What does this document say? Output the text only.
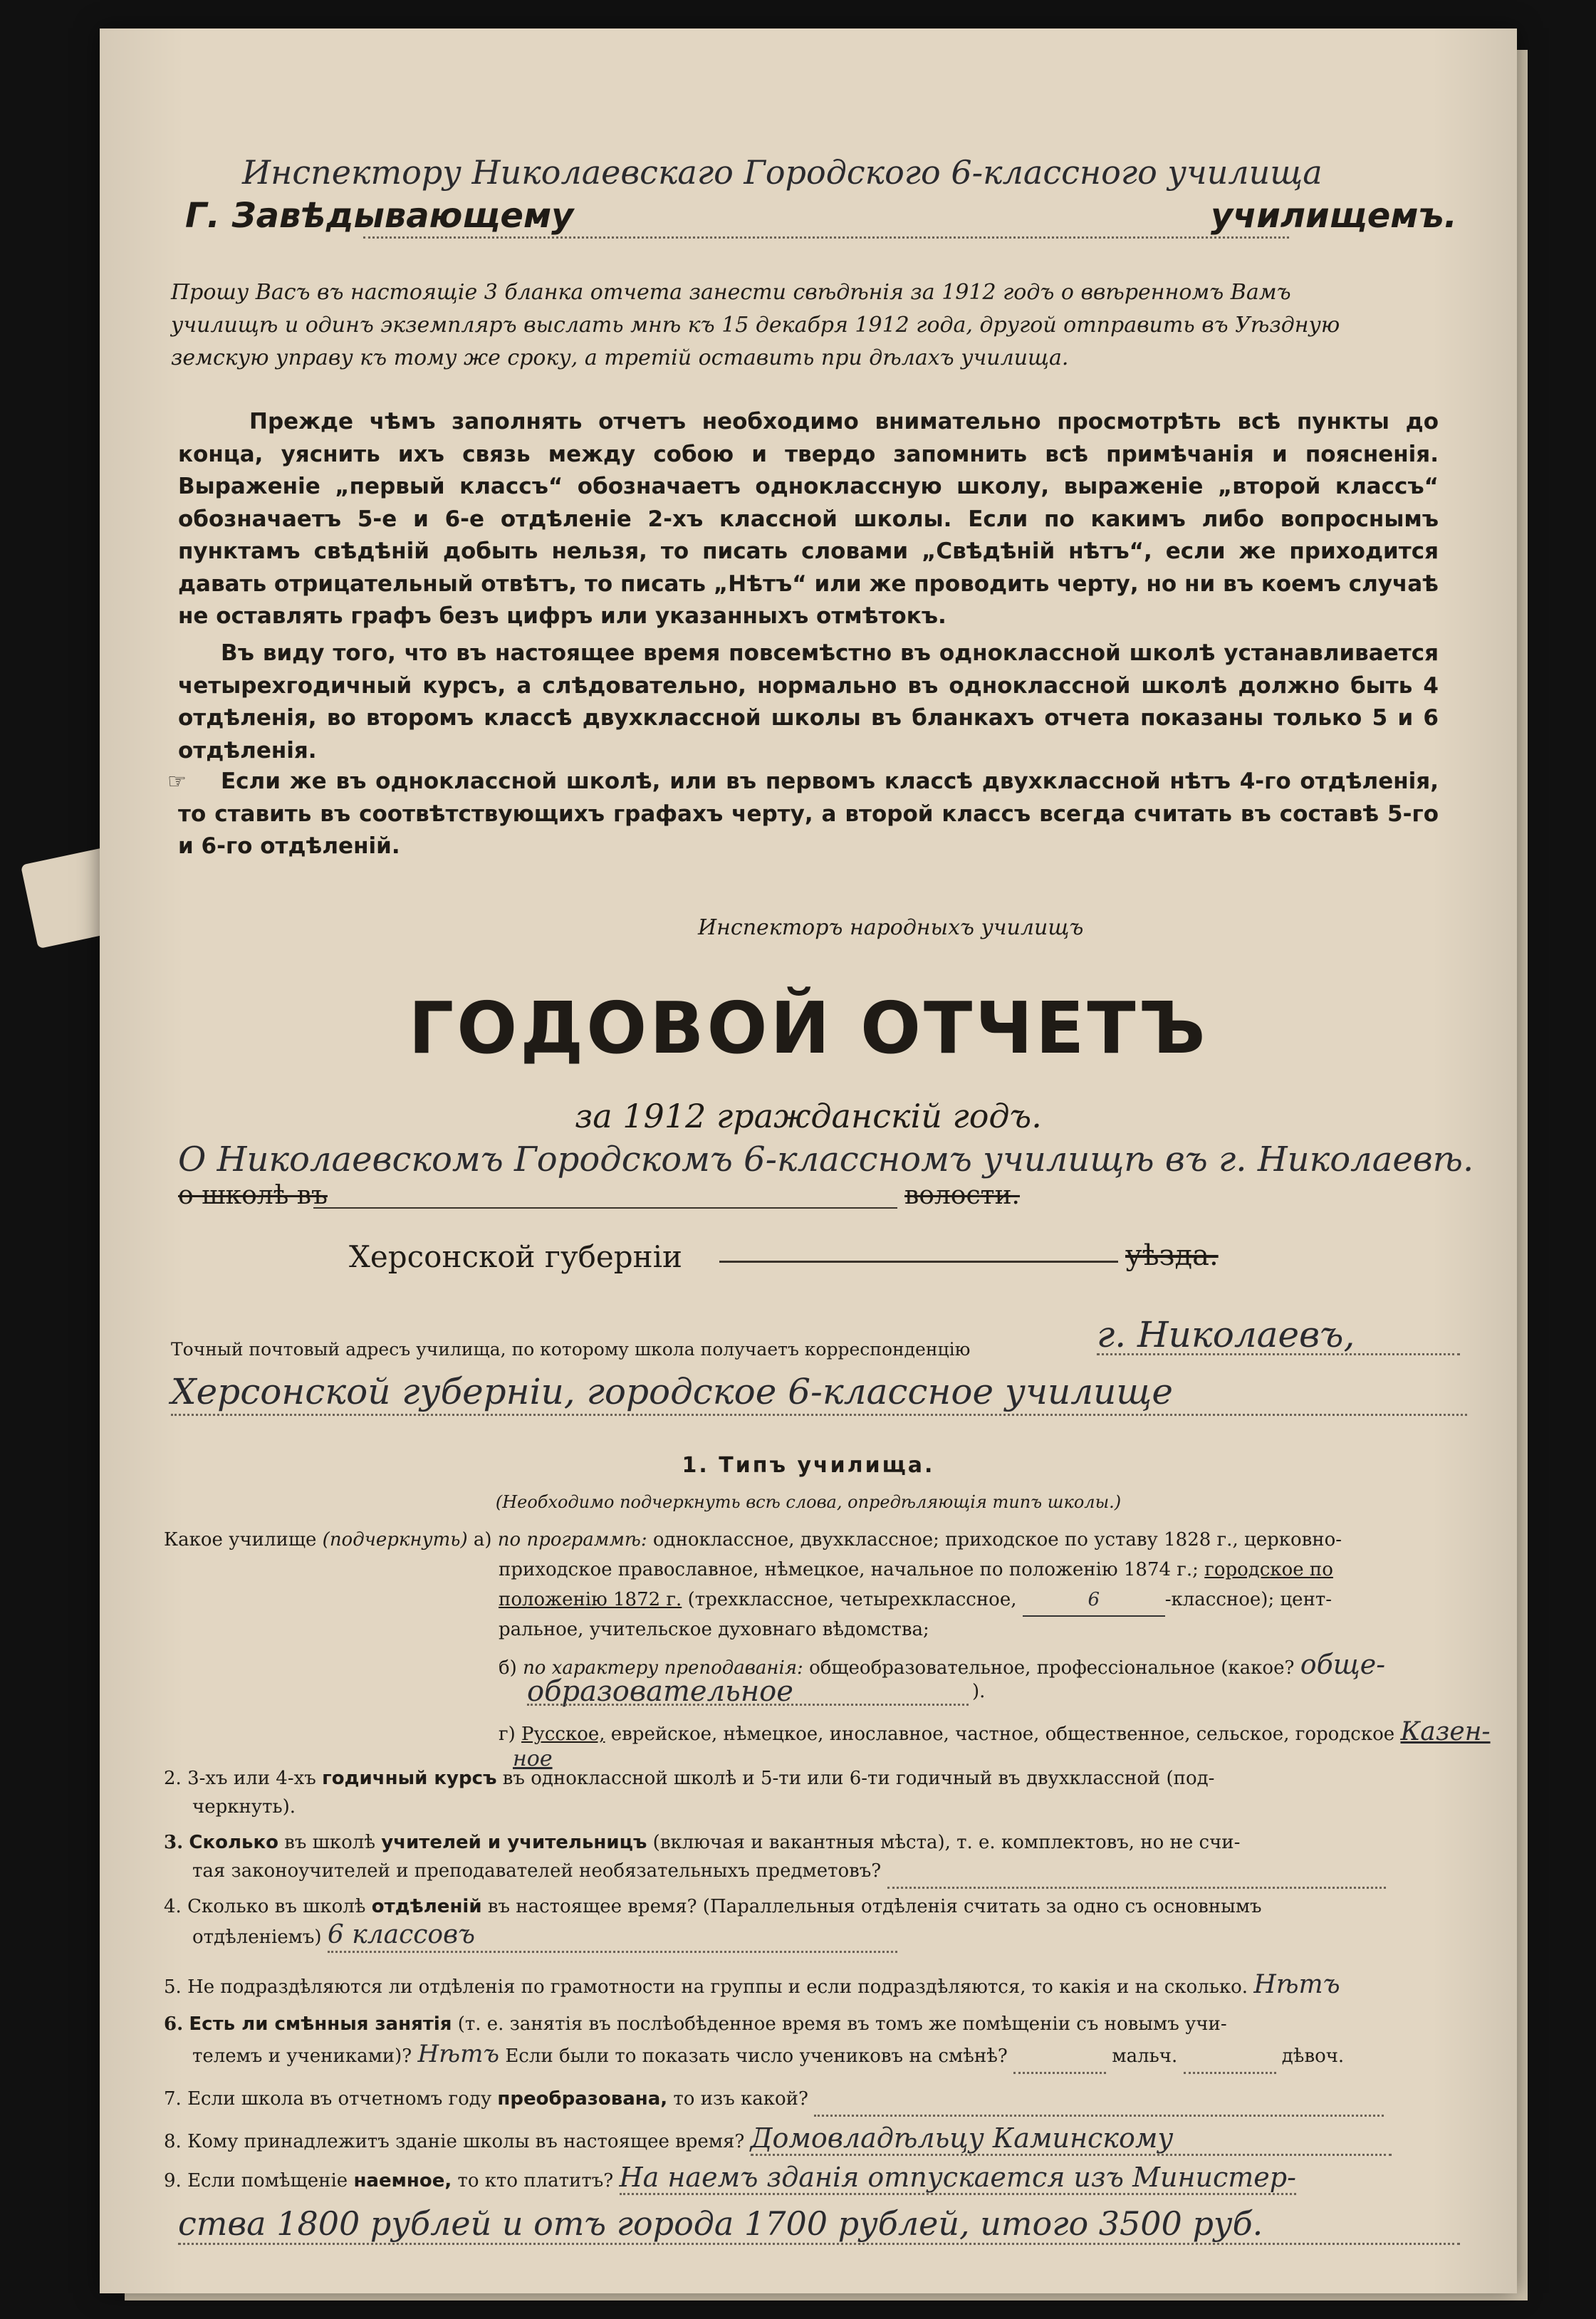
Инспектору Николаевскаго Городского 6-классного училища
Г. Завѣдывающему	училищемъ.

Прошу Васъ въ настоящіе 3 бланка отчета занести свѣдѣнія за 1912 годъ о ввѣренномъ Вамъ

училищѣ и одинъ экземпляръ выслать мнѣ къ 15 декабря 1912 года, другой отправить въ Уѣздную

земскую управу къ тому же сроку, а третій оставить при дѣлахъ училища.

Прежде чѣмъ заполнять отчетъ необходимо внимательно просмотрѣть всѣ пункты до конца, уяснить ихъ связь между собою и твердо запомнить всѣ примѣчанія и поясненія. Выраженіе „первый классъ“ обозначаетъ одноклассную школу, выраженіе „второй классъ“ обозначаетъ 5-е и 6-е отдѣленіе 2-хъ классной школы. Если по какимъ либо вопроснымъ пунктамъ свѣдѣній добыть нельзя, то писать словами „Свѣдѣній нѣтъ“, если же приходится давать отрицательный отвѣтъ, то писать „Нѣтъ“ или же проводить черту, но ни въ коемъ случаѣ не оставлять графъ безъ цифръ или указанныхъ отмѣтокъ.
Въ виду того, что въ настоящее время повсемѣстно въ одноклассной школѣ устанавливается четырехгодичный курсъ, а слѣдовательно, нормально въ одноклассной школѣ должно быть 4 отдѣленія, во второмъ классѣ двухклассной школы въ бланкахъ отчета показаны только 5 и 6 отдѣленія.
Если же въ одноклассной школѣ, или въ первомъ классѣ двухклассной нѣтъ 4-го отдѣленія, то ставить въ соотвѣтствующихъ графахъ черту, а второй классъ всегда считать въ составѣ 5-го и 6-го отдѣленій.
☞
Инспекторъ народныхъ училищъ
ГОДОВОЙ ОТЧЕТЪ
за 1912 гражданскій годъ.
О Николаевскомъ Городскомъ 6-классномъ училищѣ въ г. Николаевѣ.
о школѣ въ	волости.
Херсонской губерніи	уѣзда.
Точный почтовый адресъ училища, по которому школа получаетъ корреспонденцію	г. Николаевъ,
Херсонской губерніи, городское 6-классное училище
1. Типъ училища.
(Необходимо подчеркнуть всѣ слова, опредѣляющія типъ школы.)
Какое училище (подчеркнуть) а) по программѣ: одноклассное, двухклассное; приходское по уставу 1828 г., церковно-
приходское православное, нѣмецкое, начальное по положенію 1874 г.; городское по
положенію 1872 г. (трехклассное, четырехклассное,	6	-классное); цент-
ральное, учительское духовнаго вѣдомства;
б) по характеру преподаванія: общеобразовательное, профессіональное (какое? обще-
образовательное	).
г) Русское, еврейское, нѣмецкое, инославное, частное, общественное, сельское, городское Казен-
ное
2. 3-хъ или 4-хъ годичный курсъ въ одноклассной школѣ и 5-ти или 6-ти годичный въ двухклассной (под-
черкнуть).
3. Сколько въ школѣ учителей и учительницъ (включая и вакантныя мѣста), т. е. комплектовъ, но не счи-
тая законоучителей и преподавателей необязательныхъ предметовъ?
4. Сколько въ школѣ отдѣленій въ настоящее время? (Параллельныя отдѣленія считать за одно съ основнымъ
отдѣленіемъ) 6 классовъ
5. Не подраздѣляются ли отдѣленія по грамотности на группы и если подраздѣляются, то какія и на сколько. Нѣтъ
6. Есть ли смѣнныя занятія (т. е. занятія въ послѣобѣденное время въ томъ же помѣщеніи съ новымъ учи-
телемъ и учениками)? Нѣтъ Если были то показать число учениковъ на смѣнѣ?	мальч.	дѣвоч.
7. Если школа въ отчетномъ году преобразована, то изъ какой?
8. Кому принадлежитъ зданіе школы въ настоящее время? Домовладѣльцу Каминскому
9. Если помѣщеніе наемное, то кто платитъ? На наемъ зданія отпускается изъ Министер-
ства 1800 рублей и отъ города 1700 рублей, итого 3500 руб.
